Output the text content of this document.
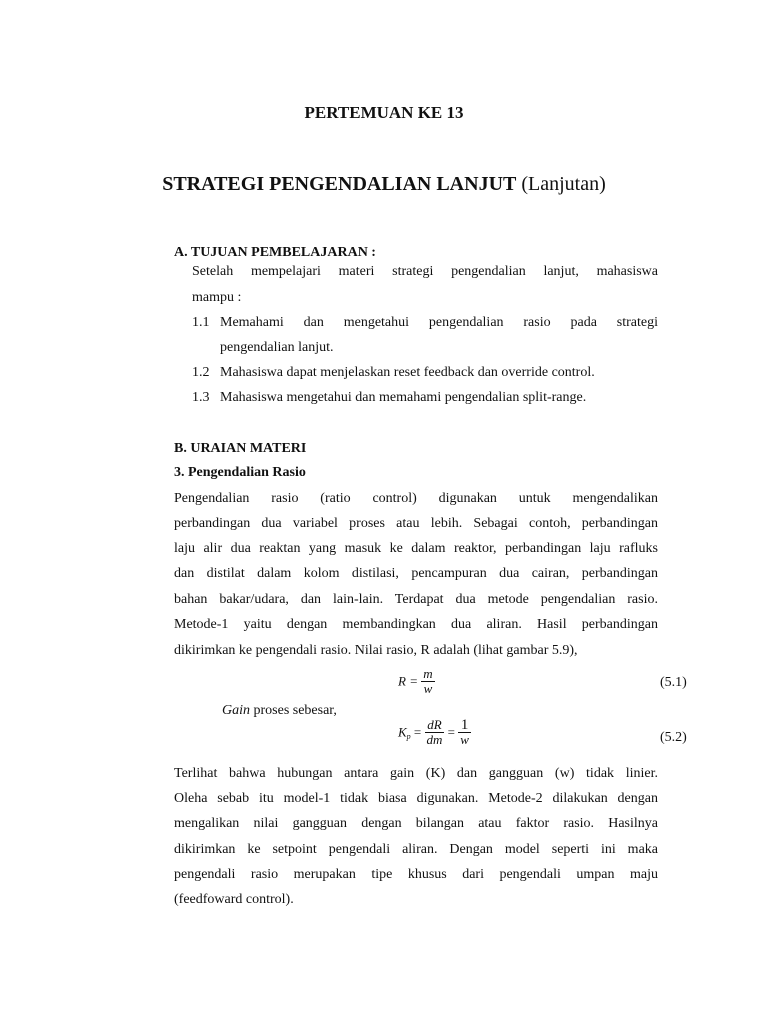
PERTEMUAN KE 13
STRATEGI PENGENDALIAN LANJUT (Lanjutan)
A. TUJUAN PEMBELAJARAN :
Setelah mempelajari materi strategi pengendalian lanjut, mahasiswa
mampu :
1.1 Memahami dan mengetahui pengendalian rasio pada strategi
pengendalian lanjut.
1.2 Mahasiswa dapat menjelaskan reset feedback dan override control.
1.3 Mahasiswa mengetahui dan memahami pengendalian split-range.
B. URAIAN MATERI
3. Pengendalian Rasio
Pengendalian rasio (ratio control) digunakan untuk mengendalikan
perbandingan dua variabel proses atau lebih. Sebagai contoh, perbandingan
laju alir dua reaktan yang masuk ke dalam reaktor, perbandingan laju rafluks
dan distilat dalam kolom distilasi, pencampuran dua cairan, perbandingan
bahan bakar/udara, dan lain-lain. Terdapat dua metode pengendalian rasio.
Metode-1 yaitu dengan membandingkan dua aliran. Hasil perbandingan
dikirimkan ke pengendali rasio. Nilai rasio, R adalah (lihat gambar 5.9),
$R = \frac{m}{w}$	(5.1)
Gain proses sebesar,
$K_p = \frac{dR}{dm} = \frac{1}{w}$	(5.2)
Terlihat bahwa hubungan antara gain (K) dan gangguan (w) tidak linier.
Oleha sebab itu model-1 tidak biasa digunakan. Metode-2 dilakukan dengan
mengalikan nilai gangguan dengan bilangan atau faktor rasio. Hasilnya
dikirimkan ke setpoint pengendali aliran. Dengan model seperti ini maka
pengendali rasio merupakan tipe khusus dari pengendali umpan maju
(feedfoward control).
